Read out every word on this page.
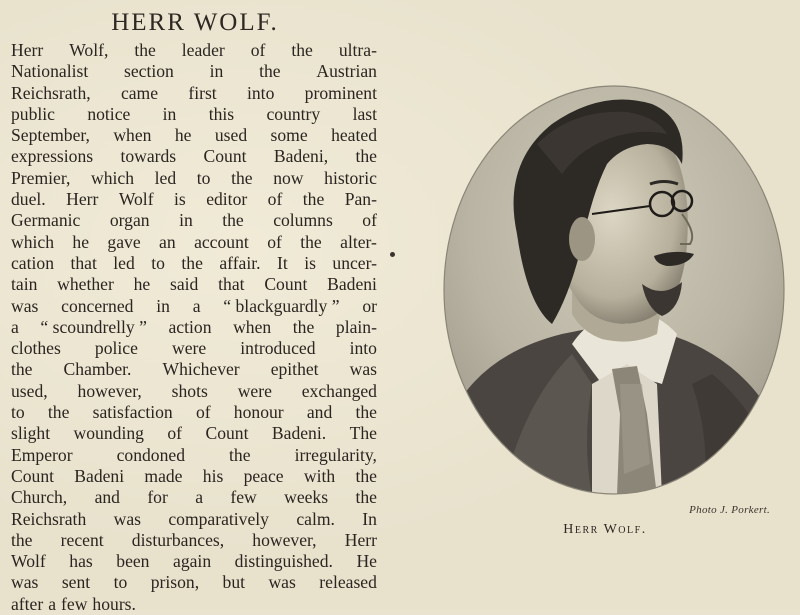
HERR WOLF.
Herr Wolf, the leader of the ultra-
Nationalist section in the Austrian
Reichsrath, came first into prominent
public notice in this country last
September, when he used some heated
expressions towards Count Badeni, the
Premier, which led to the now historic
duel. Herr Wolf is editor of the Pan-
Germanic organ in the columns of
which he gave an account of the alter-
cation that led to the affair. It is uncer-
tain whether he said that Count Badeni
was concerned in a “ blackguardly ” or
a “ scoundrelly ” action when the plain-
clothes police were introduced into
the Chamber. Whichever epithet was
used, however, shots were exchanged
to the satisfaction of honour and the
slight wounding of Count Badeni. The
Emperor	condoned	the	irregularity,
Count Badeni made his peace with the
Church, and for a few weeks the
Reichsrath was comparatively calm. In
the recent disturbances, however, Herr
Wolf has been again distinguished. He
was sent to prison, but was released
after a few hours.
Photo J. Porkert.
Herr Wolf.
